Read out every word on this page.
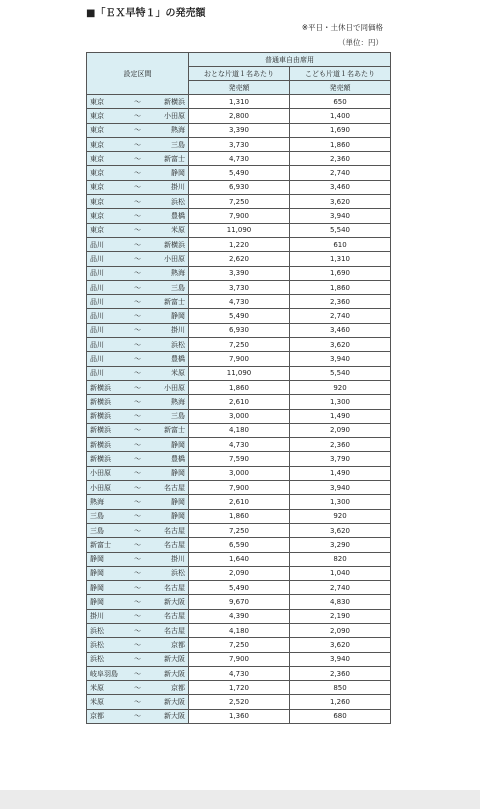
■「ＥＸ早特１」の発売額
※平日・土休日で同価格
（単位：円）
設定区間	普通車自由席用	
	おとな片道１名あたり	こども片道１名あたり
	発売額	発売額

東京 ～ 新横浜	1,310	650

東京 ～ 小田原	2,800	1,400

東京 ～ 熱海	3,390	1,690

東京 ～ 三島	3,730	1,860

東京 ～ 新富士	4,730	2,360

東京 ～ 静岡	5,490	2,740

東京 ～ 掛川	6,930	3,460

東京 ～ 浜松	7,250	3,620

東京 ～ 豊橋	7,900	3,940

東京 ～ 米原	11,090	5,540

品川 ～ 新横浜	1,220	610

品川 ～ 小田原	2,620	1,310

品川 ～ 熱海	3,390	1,690

品川 ～ 三島	3,730	1,860

品川 ～ 新富士	4,730	2,360

品川 ～ 静岡	5,490	2,740

品川 ～ 掛川	6,930	3,460

品川 ～ 浜松	7,250	3,620

品川 ～ 豊橋	7,900	3,940

品川 ～ 米原	11,090	5,540

新横浜 ～ 小田原	1,860	920

新横浜 ～ 熱海	2,610	1,300

新横浜 ～ 三島	3,000	1,490

新横浜 ～ 新富士	4,180	2,090

新横浜 ～ 静岡	4,730	2,360

新横浜 ～ 豊橋	7,590	3,790

小田原 ～ 静岡	3,000	1,490

小田原 ～ 名古屋	7,900	3,940

熱海 ～ 静岡	2,610	1,300

三島 ～ 静岡	1,860	920

三島 ～ 名古屋	7,250	3,620

新富士 ～ 名古屋	6,590	3,290

静岡 ～ 掛川	1,640	820

静岡 ～ 浜松	2,090	1,040

静岡 ～ 名古屋	5,490	2,740

静岡 ～ 新大阪	9,670	4,830

掛川 ～ 名古屋	4,390	2,190

浜松 ～ 名古屋	4,180	2,090

浜松 ～ 京都	7,250	3,620

浜松 ～ 新大阪	7,900	3,940

岐阜羽島 ～ 新大阪	4,730	2,360

米原 ～ 京都	1,720	850

米原 ～ 新大阪	2,520	1,260

京都 ～ 新大阪	1,360	680
